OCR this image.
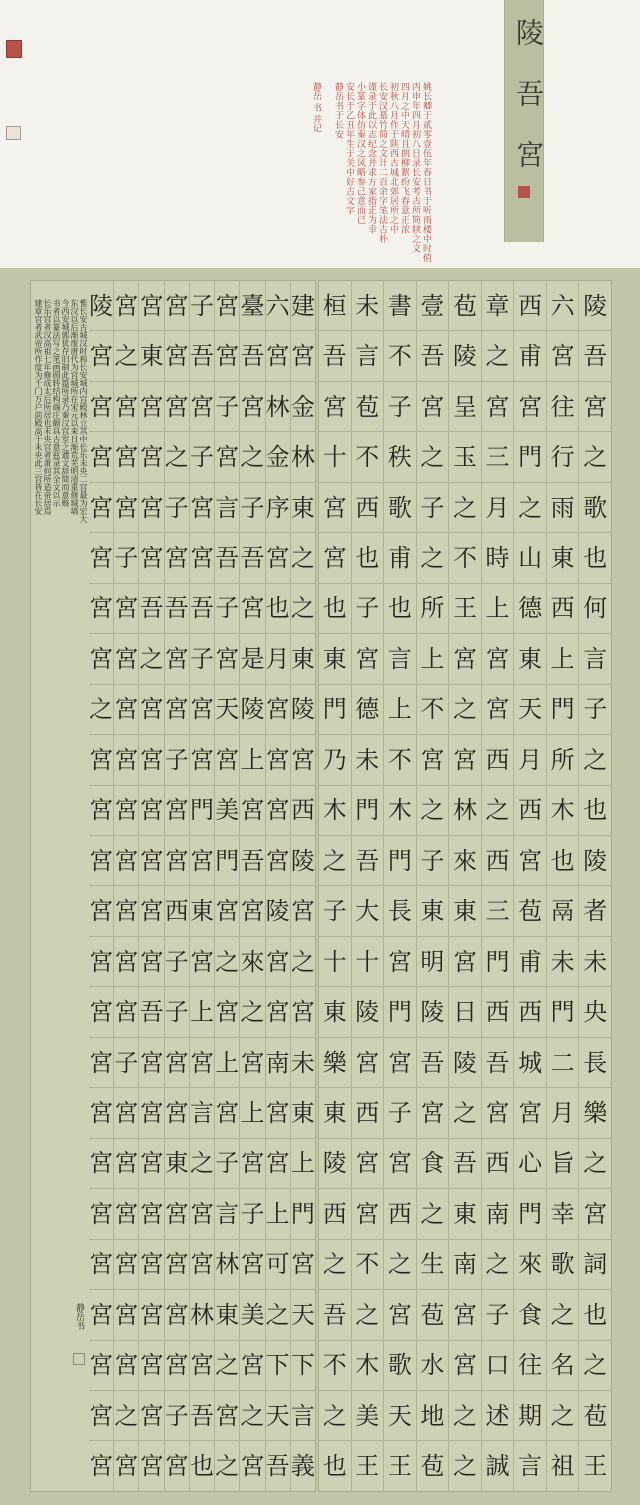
姚长卿于贰零壹伍年春日书于听雨楼中时值
丙申年四月初八日录长安考古所简牍之文
四月之中天晴且朗柳絮纷飞春意正浓
初秋八月作于陕西古城北郊居所之中
长安汉墓竹简之文计二百余字笔法古朴
谨录于此以志纪念并求方家指正为幸
小篆字体仿秦汉之风略参己意而已
安长于乙丑年生于关中好古文字
静岳书于长安
静岳 书 并记	陵 吾 宮
惟长安古城汉时称长安城内宫殿林立其中长乐未央二宫最为宏大
东汉以后渐废唐代为宫城所在宋元以来日渐荒芜明清重修城墙
今西安城郭犹存旧制此篇所录乃秦汉宫室之遗文辞简而意赅
书者以篆法写之笔画圆转结构端庄颇具古意兹录其全文以示
长乐宫者汉高祖七年修成太后所居也未央宫者萧何所造帝居焉
建章宫者武帝所作度为千门万户前殿高于未央此三宫皆在长安	建
宮
金
林
東
之
之
東
陵
宮
西
陵
宮
之
宮
未
東
上
門
宮
天
下
言
義
六
宮
林
金
序
宮
也
月
宮
宮
宮
宮
陵
宮
宮
南
宮
宮
上
可
之
下
天
吾
臺
吾
宮
之
子
吾
宮
是
陵
上
宮
吾
宮
來
之
宮
上
宮
子
宮
美
宮
之
宮
宮
宮
子
宮
言
吾
子
宮
天
宮
美
門
宮
之
宮
上
宮
子
言
林
東
之
宮
之
子
吾
宮
子
宮
宮
吾
子
宮
宮
門
宮
東
宮
上
宮
言
之
宮
宮
林
宮
吾
也
宮
宮
宮
之
子
宮
吾
宮
宮
子
宮
宮
西
子
子
宮
宮
東
宮
宮
宮
宮
子
宮
宮
東
宮
宮
宮
宮
吾
之
宮
宮
宮
宮
宮
宮
吾
宮
宮
宮
宮
宮
宮
宮
宮
宮
宮
之
宮
宮
宮
子
宮
宮
宮
宮
宮
宮
宮
宮
宮
子
宮
宮
宮
宮
宮
宮
之
宮
陵
宮
宮
宮
宮
宮
宮
宮
之
宮
宮
宮
宮
宮
宮
宮
宮
宮
宮
宮
宮
宮
宮
宮
静岳书
陵
吾
宮
之
歌
也
何
言
子
之
也
陵
者
未
央
長
樂
之
宮
詞
也
之
苞
王
六
宮
往
行
雨
東
西
上
門
所
木
也
鬲
未
門
二
月
旨
幸
歌
之
名
之
祖
西
甫
宮
門
之
山
德
東
天
月
西
宮
苞
甫
西
城
宮
心
門
來
食
往
期
言
章
之
宮
三
月
時
上
宮
宮
西
之
西
三
門
西
吾
宮
西
南
之
子
口
述
誠
苞
陵
呈
玉
之
不
王
宮
之
宮
林
來
東
宮
日
陵
之
吾
東
南
宮
宮
之
之
壹
吾
宮
之
子
之
所
上
不
宮
之
子
東
明
陵
吾
宮
食
之
生
苞
水
地
苞
書
不
子
秩
歌
甫
也
言
上
不
木
門
長
宮
門
宮
子
宮
西
之
宮
歌
天
王
未
言
苞
不
西
也
子
宮
德
未
門
吾
大
十
陵
宮
西
宮
宮
不
之
木
美
王
桓
吾
宮
十
宮
宮
也
東
門
乃
木
之
子
十
東
樂
東
陵
西
之
吾
不
之
也
